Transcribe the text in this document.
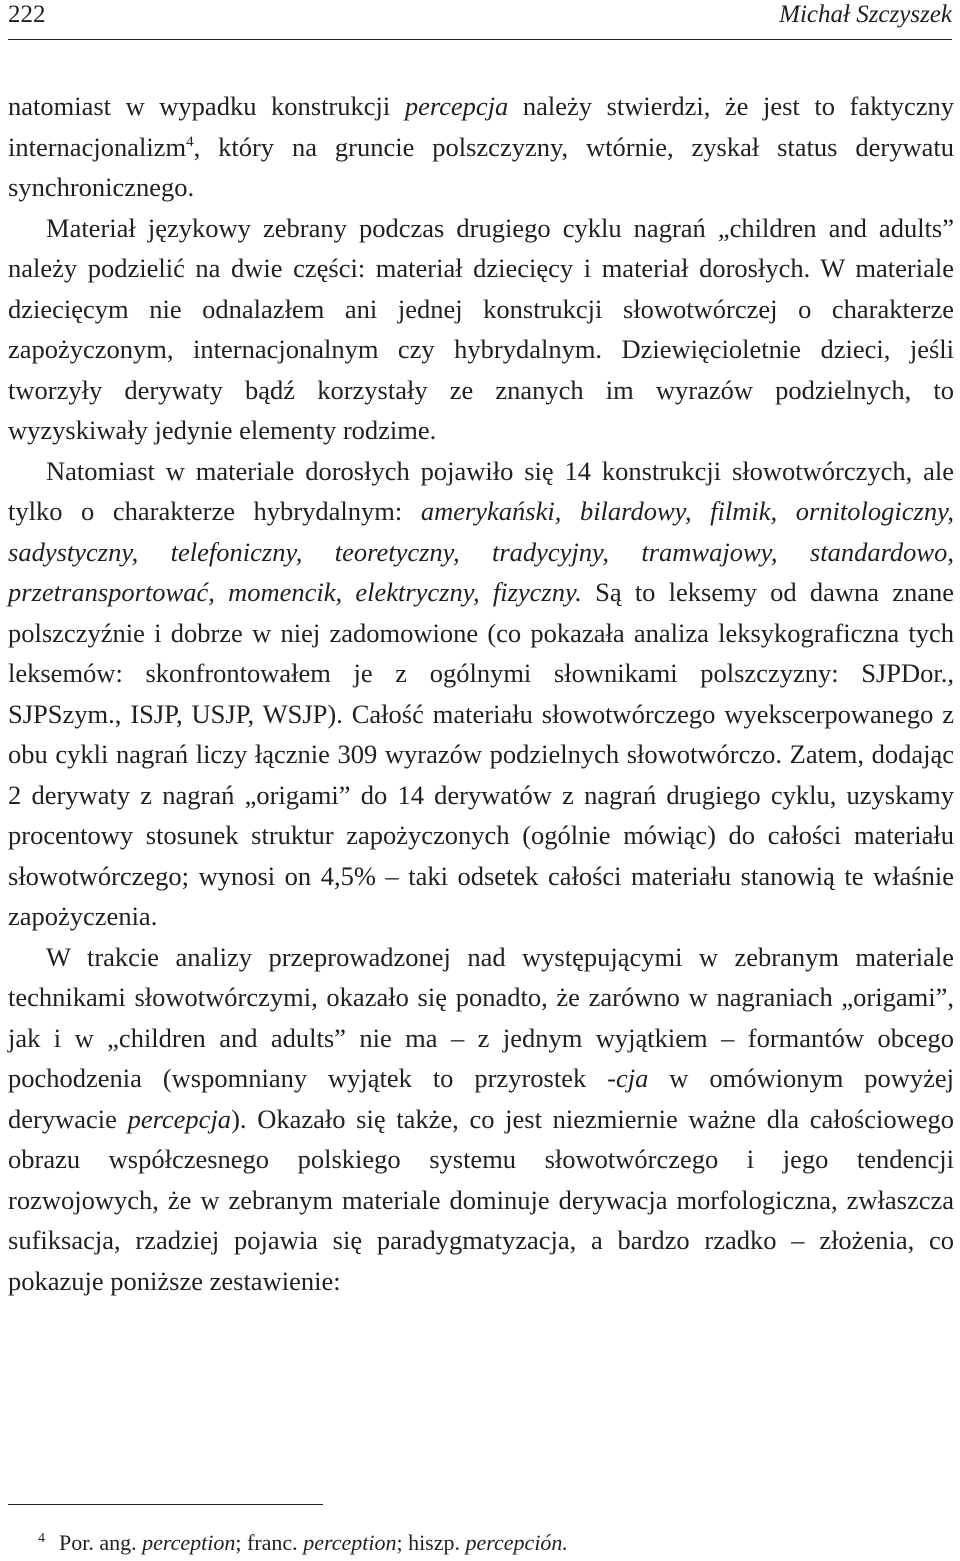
222	Michał Szczyszek

natomiast w wypadku konstrukcji percepcja należy stwierdzi, że jest to faktyczny internacjonalizm$^4$, który na gruncie polszczyzny, wtórnie, zyskał status derywatu synchronicznego.

Materiał językowy zebrany podczas drugiego cyklu nagrań „children and adults” należy podzielić na dwie części: materiał dziecięcy i materiał dorosłych. W materiale dziecięcym nie odnalazłem ani jednej konstrukcji słowotwórczej o charakterze zapożyczonym, internacjonalnym czy hybrydalnym. Dziewięcioletnie dzieci, jeśli tworzyły derywaty bądź korzystały ze znanych im wyrazów podzielnych, to wyzyskiwały jedynie elementy rodzime.

Natomiast w materiale dorosłych pojawiło się 14 konstrukcji słowotwórczych, ale tylko o charakterze hybrydalnym: amerykański, bilardowy, filmik, ornitologiczny, sadystyczny, telefoniczny, teoretyczny, tradycyjny, tramwajowy, standardowo, przetransportować, momencik, elektryczny, fizyczny. Są to leksemy od dawna znane polszczyźnie i dobrze w niej zadomowione (co pokazała analiza leksykograficzna tych leksemów: skonfrontowałem je z ogólnymi słownikami polszczyzny: SJPDor., SJPSzym., ISJP, USJP, WSJP). Całość materiału słowotwórczego wyekscerpowanego z obu cykli nagrań liczy łącznie 309 wyrazów podzielnych słowotwórczo. Zatem, dodając 2 derywaty z nagrań „origami” do 14 derywatów z nagrań drugiego cyklu, uzyskamy procentowy stosunek struktur zapożyczonych (ogólnie mówiąc) do całości materiału słowotwórczego; wynosi on 4,5% – taki odsetek całości materiału stanowią te właśnie zapożyczenia.

W trakcie analizy przeprowadzonej nad występującymi w zebranym materiale technikami słowotwórczymi, okazało się ponadto, że zarówno w nagraniach „origami”, jak i w „children and adults” nie ma – z jednym wyjątkiem – formantów obcego pochodzenia (wspomniany wyjątek to przyrostek -cja w omówionym powyżej derywacie percepcja). Okazało się także, co jest niezmiernie ważne dla całościowego obrazu współczesnego polskiego systemu słowotwórczego i jego tendencji rozwojowych, że w zebranym materiale dominuje derywacja morfologiczna, zwłaszcza sufiksacja, rzadziej pojawia się paradygmatyzacja, a bardzo rzadko – złożenia, co pokazuje poniższe zestawienie:

$^4$ Por. ang. perception; franc. perception; hiszp. percepción.
